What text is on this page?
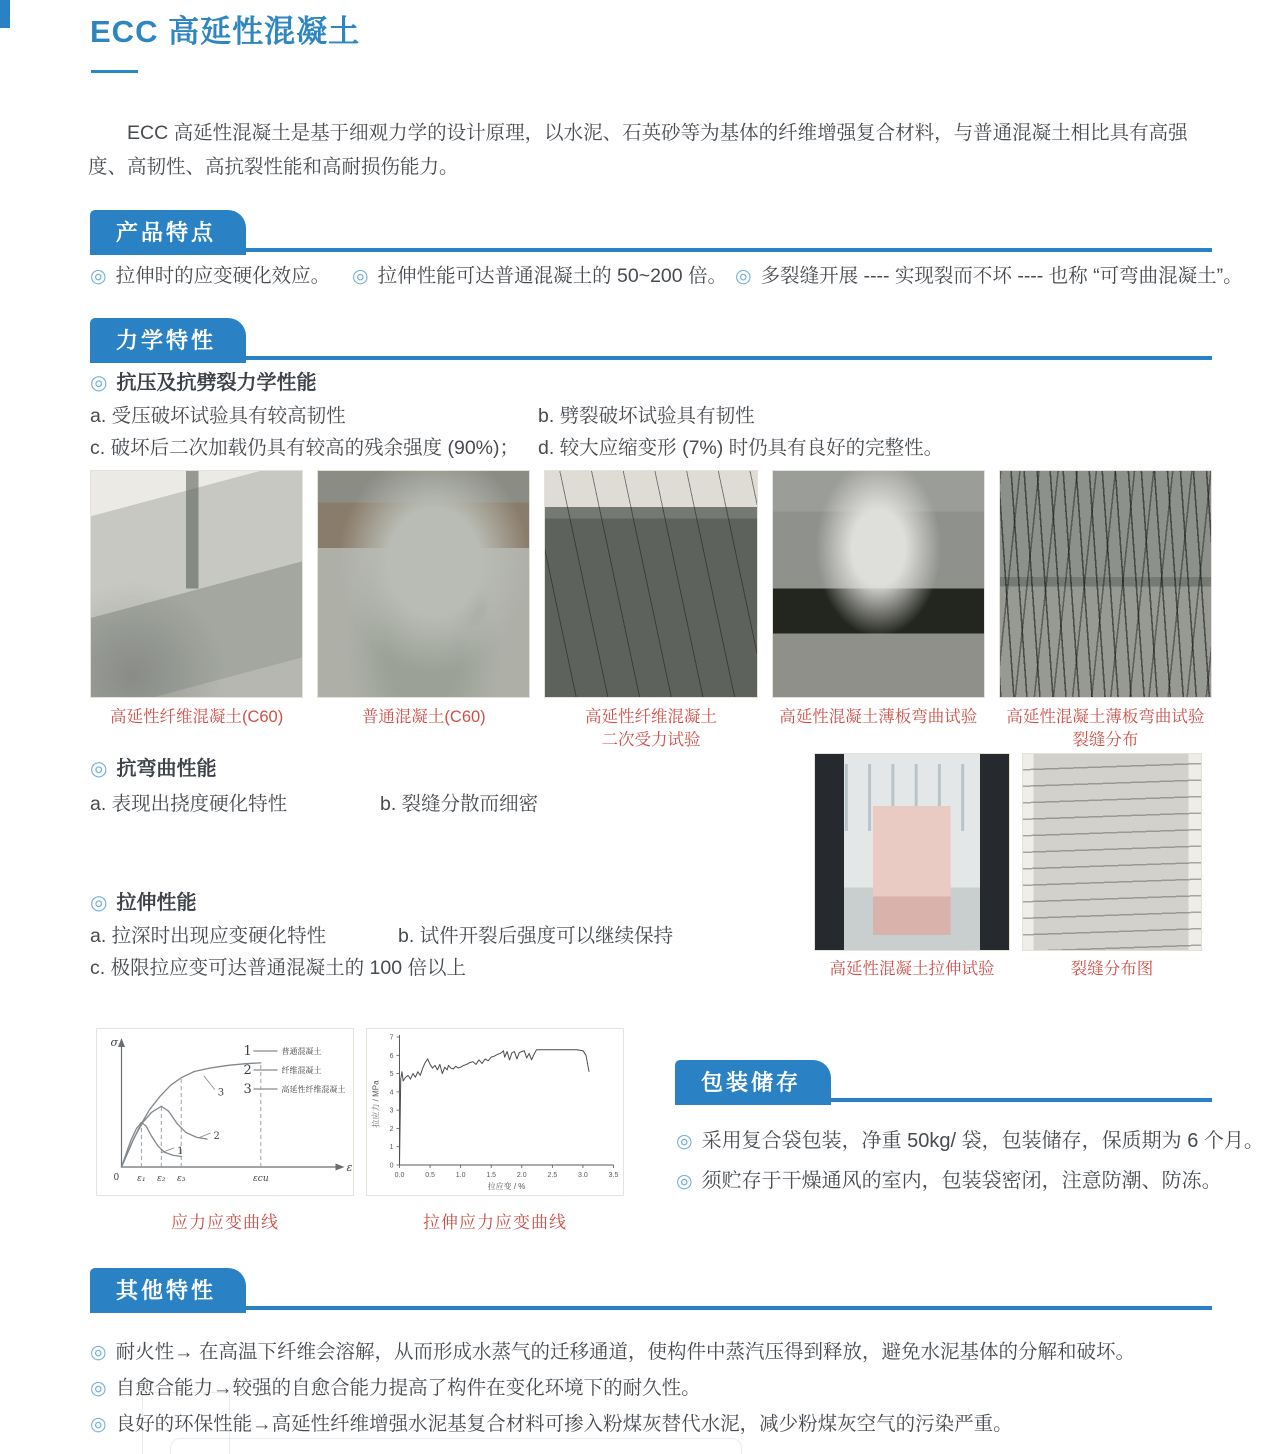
ECC 高延性混凝土

ECC 高延性混凝土是基于细观力学的设计原理，以水泥、石英砂等为基体的纤维增强复合材料，与普通混凝土相比具有高强度、高韧性、高抗裂性能和高耐损伤能力。

产品特点
◎ 拉伸时的应变硬化效应。 ◎ 拉伸性能可达普通混凝土的 50~200 倍。 ◎ 多裂缝开展 ---- 实现裂而不坏 ---- 也称 “可弯曲混凝土”。
力学特性
◎ 抗压及抗劈裂力学性能
a. 受压破坏试验具有较高韧性	b. 劈裂破坏试验具有韧性
c. 破坏后二次加载仍具有较高的残余强度 (90%)； d. 较大应缩变形 (7%) 时仍具有良好的完整性。
高延性纤维混凝土(C60)	普通混凝土(C60)	高延性纤维混凝土
二次受力试验
高延性混凝土薄板弯曲试验	高延性混凝土薄板弯曲试验裂缝分布
◎ 抗弯曲性能
a. 表现出挠度硬化特性	b. 裂缝分散而细密
◎ 拉伸性能
a. 拉深时出现应变硬化特性	b. 试件开裂后强度可以继续保持
c. 极限拉应变可达普通混凝土的 100 倍以上	高延性混凝土拉伸试验	裂缝分布图
σ
ε
0
1	普通混凝土
2	纤维混凝土
3	高延性纤维混凝土
ε₁ ε₂ ε₃	εcu
1
2
3
应力应变曲线
拉应变 / %
拉应力 / MPa
0.0	0.5	1.0	1.5	2.0	2.5	3.0	3.5
0
1
2
3
4
5
6
7
拉伸应力应变曲线
包装储存
◎ 采用复合袋包装，净重 50kg/ 袋，包装储存，保质期为 6 个月。
◎ 须贮存于干燥通风的室内，包装袋密闭，注意防潮、防冻。
其他特性
◎ 耐火性→ 在高温下纤维会溶解，从而形成水蒸气的迁移通道，使构件中蒸汽压得到释放，避免水泥基体的分解和破坏。
◎ 自愈合能力→较强的自愈合能力提高了构件在变化环境下的耐久性。
◎ 良好的环保性能→高延性纤维增强水泥基复合材料可掺入粉煤灰替代水泥，减少粉煤灰空气的污染严重。
